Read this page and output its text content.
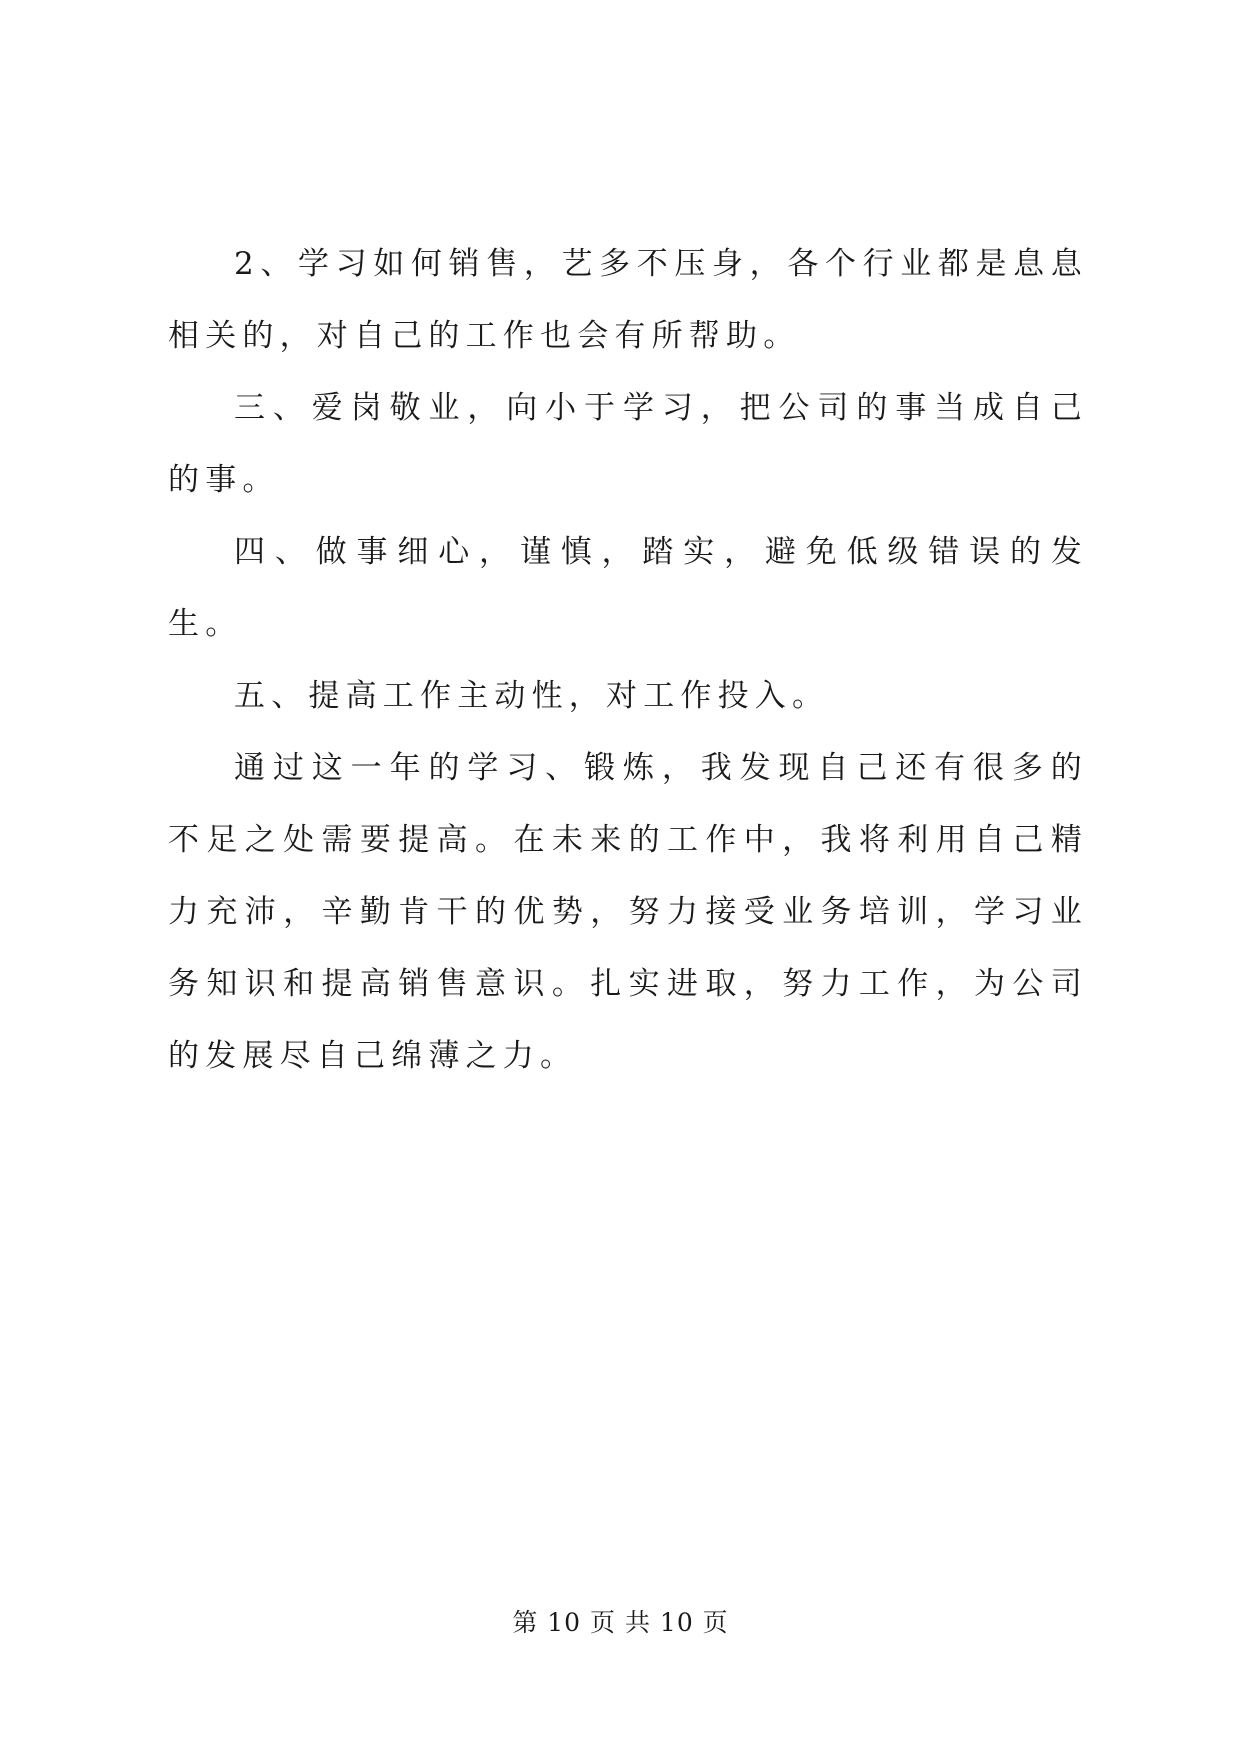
2、学习如何销售，艺多不压身，各个行业都是息息相关的，对自己的工作也会有所帮助。

三、爱岗敬业，向小于学习，把公司的事当成自己的事。

四、做事细心，谨慎，踏实，避免低级错误的发生。

五、提高工作主动性，对工作投入。

通过这一年的学习、锻炼，我发现自己还有很多的不足之处需要提高。在未来的工作中，我将利用自己精力充沛，辛勤肯干的优势，努力接受业务培训，学习业务知识和提高销售意识。扎实进取，努力工作，为公司的发展尽自己绵薄之力。

第 10 页 共 10 页
